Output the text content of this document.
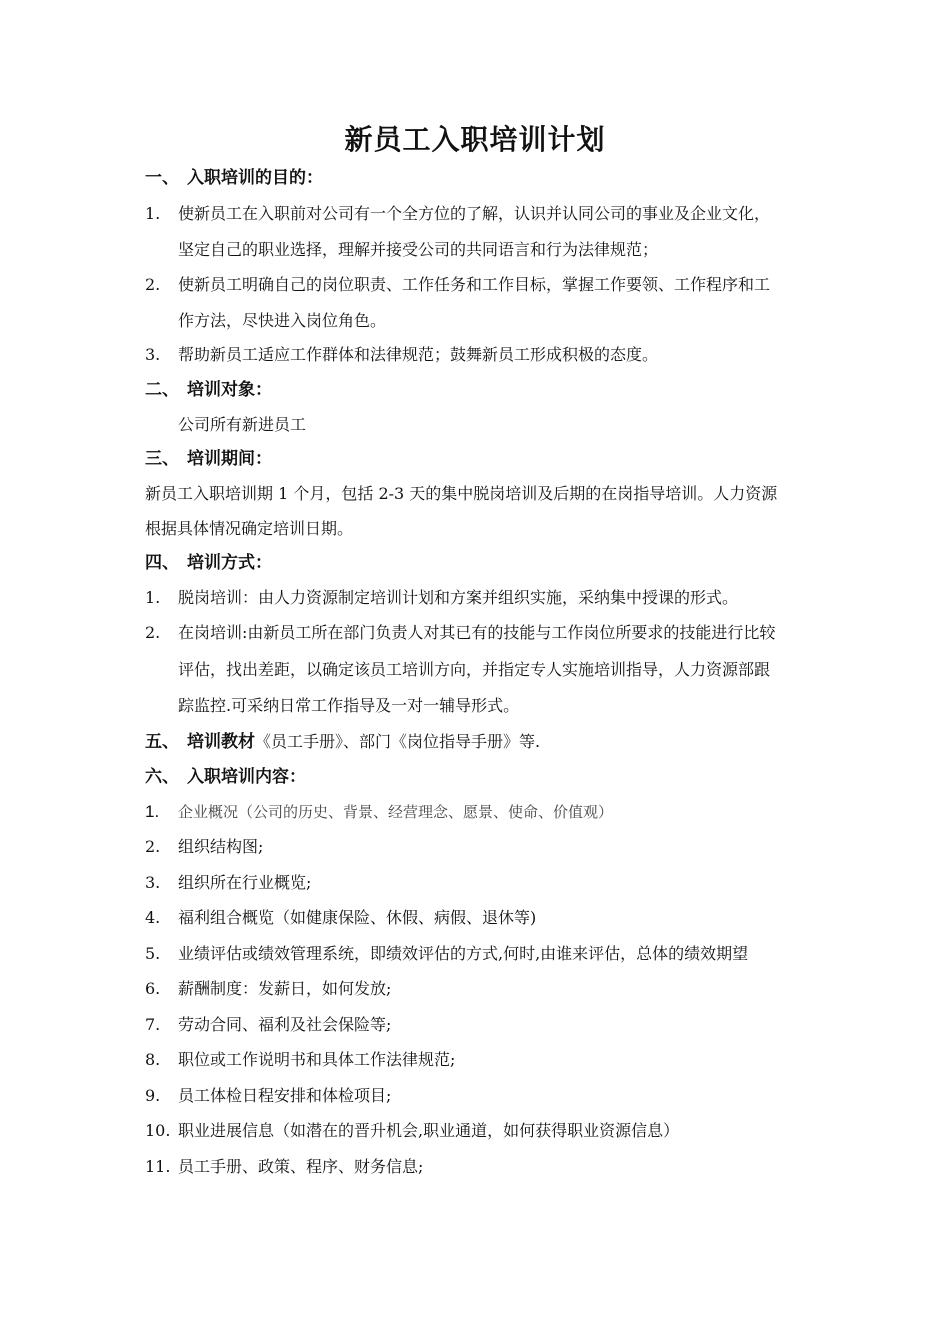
新员工入职培训计划
一、 入职培训的目的：
1.	使新员工在入职前对公司有一个全方位的了解，认识并认同公司的事业及企业文化，
坚定自己的职业选择，理解并接受公司的共同语言和行为法律规范；
2.	使新员工明确自己的岗位职责、工作任务和工作目标，掌握工作要领、工作程序和工
作方法，尽快进入岗位角色。
3.	帮助新员工适应工作群体和法律规范；鼓舞新员工形成积极的态度。
二、 培训对象：
公司所有新进员工
三、 培训期间：
新员工入职培训期 1 个月，包括 2-3 天的集中脱岗培训及后期的在岗指导培训。人力资源
根据具体情况确定培训日期。
四、 培训方式：
1.	脱岗培训：由人力资源制定培训计划和方案并组织实施，采纳集中授课的形式。
2.	在岗培训:由新员工所在部门负责人对其已有的技能与工作岗位所要求的技能进行比较
评估，找出差距，以确定该员工培训方向，并指定专人实施培训指导，人力资源部跟
踪监控.可采纳日常工作指导及一对一辅导形式。
五、 培训教材《员工手册》、部门《岗位指导手册》等.
六、 入职培训内容：
1.	企业概况（公司的历史、背景、经营理念、愿景、使命、价值观）
2.	组织结构图;
3.	组织所在行业概览;
4.	福利组合概览（如健康保险、休假、病假、退休等)
5.	业绩评估或绩效管理系统，即绩效评估的方式,何时,由谁来评估，总体的绩效期望
6.	薪酬制度：发薪日，如何发放;
7.	劳动合同、福利及社会保险等;
8.	职位或工作说明书和具体工作法律规范;
9.	员工体检日程安排和体检项目;
10. 职业进展信息（如潜在的晋升机会,职业通道，如何获得职业资源信息）
11. 员工手册、政策、程序、财务信息;
